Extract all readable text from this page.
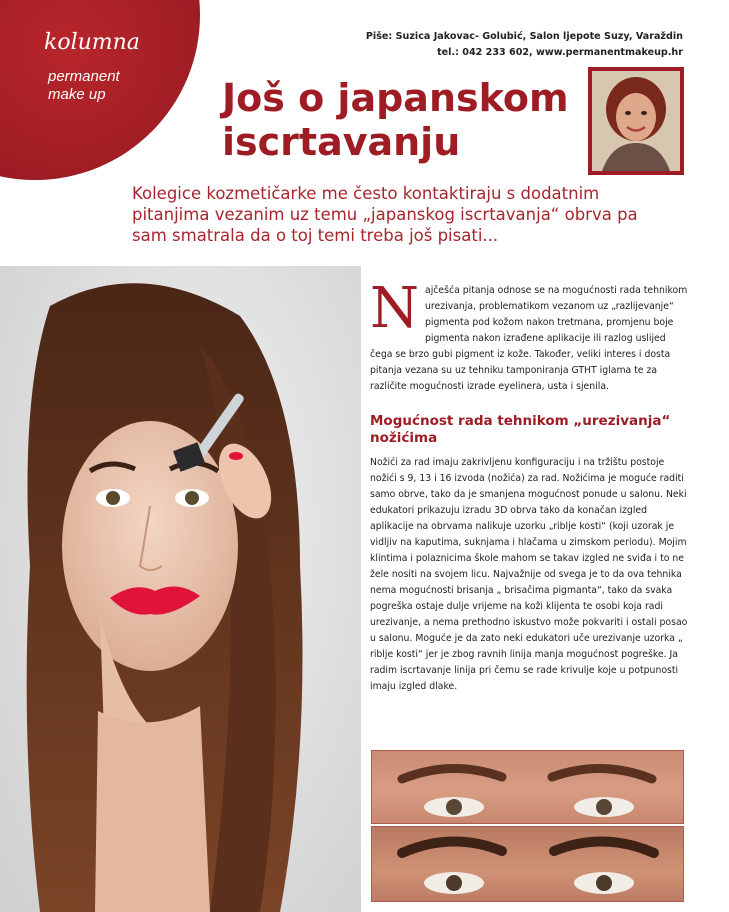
kolumna
permanent make up
Piše: Suzica Jakovac- Golubić, Salon ljepote Suzy, Varaždin
tel.: 042 233 602, www.permanentmakeup.hr
Još o japanskom iscrtavanju
Kolegice kozmetičarke me često kontaktiraju s dodatnim pitanjima vezanim uz temu „japanskog iscrtavanja“ obrva pa sam smatrala da o toj temi treba još pisati...
N ajčešća pitanja odnose se na mogućnosti rada tehnikom urezivanja, problematikom vezanom uz „razlijevanje“ pigmenta pod kožom nakon tretmana, promjenu boje pigmenta nakon izrađene aplikacije ili razlog uslijed čega se brzo gubi pigment iz kože. Također, veliki interes i dosta pitanja vezana su uz tehniku tamponiranja GTHT iglama te za različite mogućnosti izrade eyelinera, usta i sjenila.

Mogućnost rada tehnikom „urezivanja“ nožićima

Nožići za rad imaju zakrivljenu konfiguraciju i na tržištu postoje nožići s 9, 13 i 16 izvoda (nožića) za rad. Nožićima je moguće raditi samo obrve, tako da je smanjena mogućnost ponude u salonu. Neki edukatori prikazuju izradu 3D obrva tako da konačan izgled aplikacije na obrvama nalikuje uzorku „riblje kosti“ (koji uzorak je vidljiv na kaputima, suknjama i hlačama u zimskom periodu). Mojim klintima i polaznicima škole mahom se takav izgled ne sviđa i to ne žele nositi na svojem licu. Najvažnije od svega je to da ova tehnika nema mogućnosti brisanja „ brisačima pigmanta“, tako da svaka pogreška ostaje dulje vrijeme na koži klijenta te osobi koja radi urezivanje, a nema prethodno iskustvo može pokvariti i ostali posao u salonu. Moguće je da zato neki edukatori uče urezivanje uzorka „ riblje kosti“ jer je zbog ravnih linija manja mogućnost pogreške. Ja radim iscrtavanje linija pri čemu se rade krivulje koje u potpunosti imaju izgled dlake.
